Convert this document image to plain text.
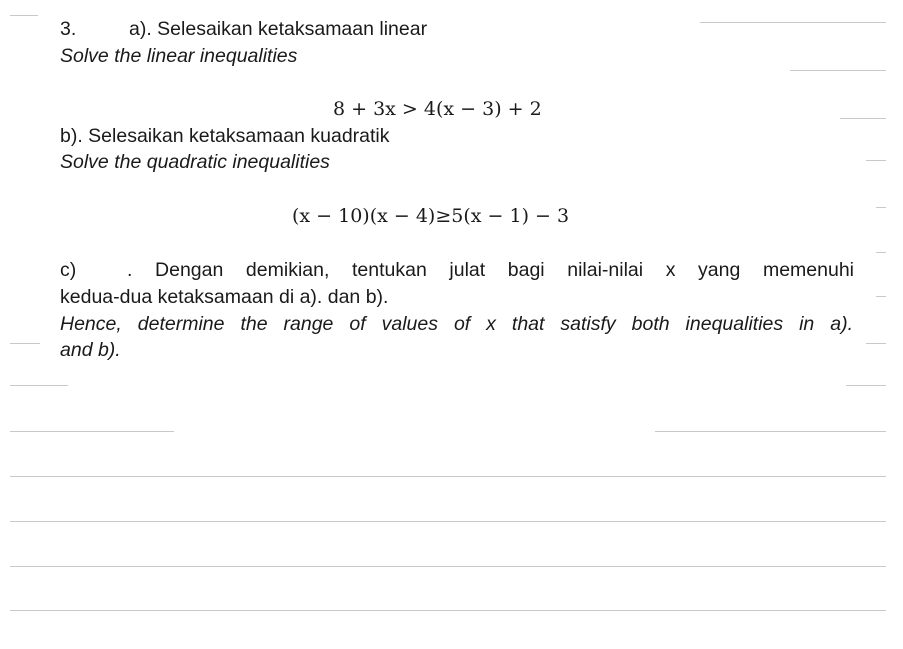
3.	a). Selesaikan ketaksamaan linear
Solve the linear inequalities
8 + 3x > 4(x − 3) + 2
b). Selesaikan ketaksamaan kuadratik
Solve the quadratic inequalities
(x − 10)(x − 4)≥5(x − 1) − 3
c)	. Dengan demikian, tentukan julat bagi nilai-nilai x yang memenuhi
kedua-dua ketaksamaan di a). dan b).
Hence, determine the range of values of x that satisfy both inequalities in a).
and b).
